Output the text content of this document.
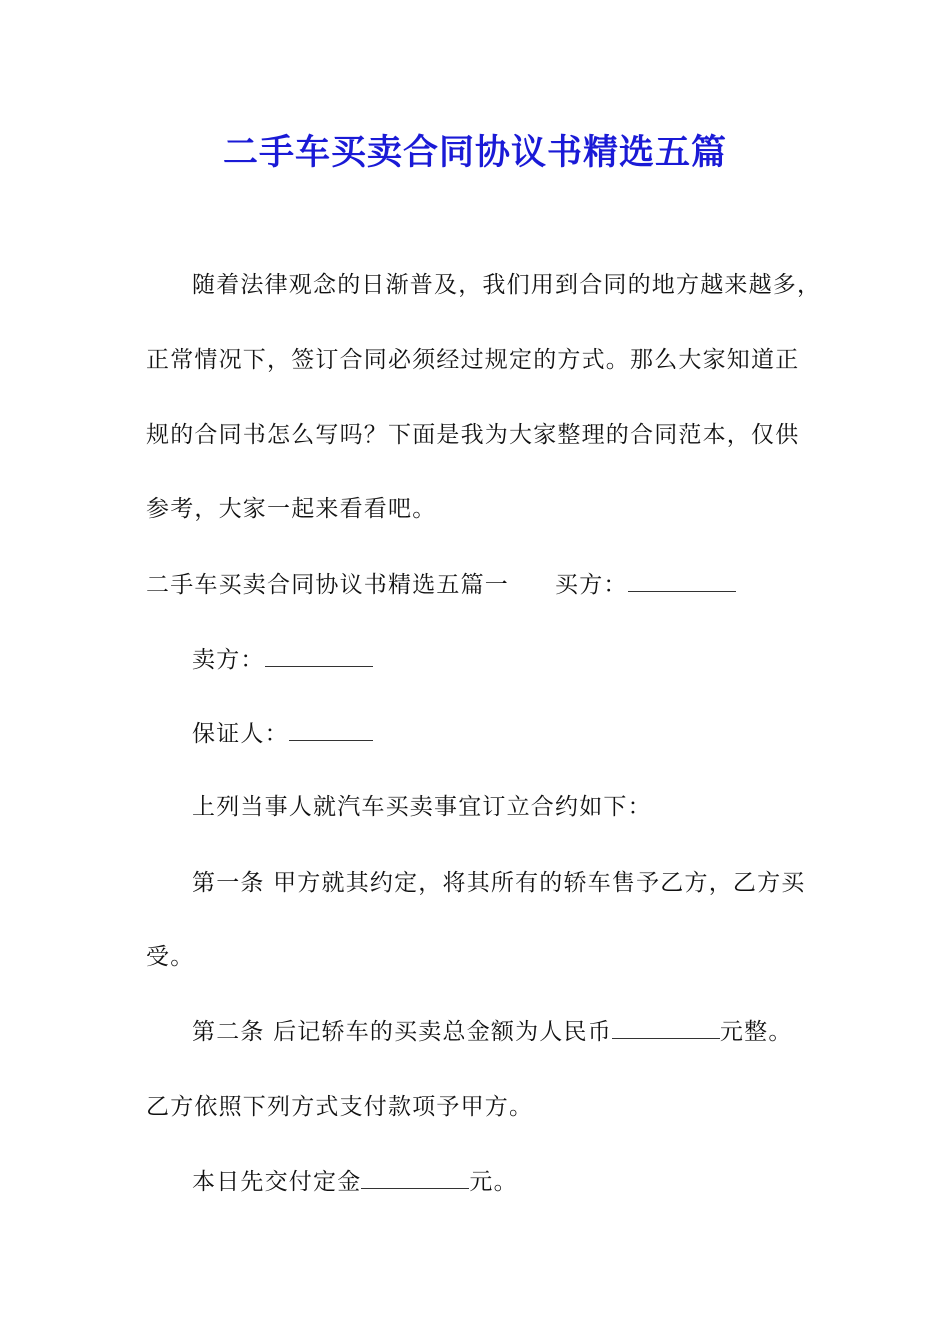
二手车买卖合同协议书精选五篇

随着法律观念的日渐普及，我们用到合同的地方越来越多，

正常情况下，签订合同必须经过规定的方式。那么大家知道正

规的合同书怎么写吗？下面是我为大家整理的合同范本，仅供

参考，大家一起来看看吧。

二手车买卖合同协议书精选五篇一 买方：

卖方：

保证人：

上列当事人就汽车买卖事宜订立合约如下：

第一条 甲方就其约定，将其所有的轿车售予乙方，乙方买

受。

第二条 后记轿车的买卖总金额为人民币	元整。

乙方依照下列方式支付款项予甲方。

本日先交付定金	元。
